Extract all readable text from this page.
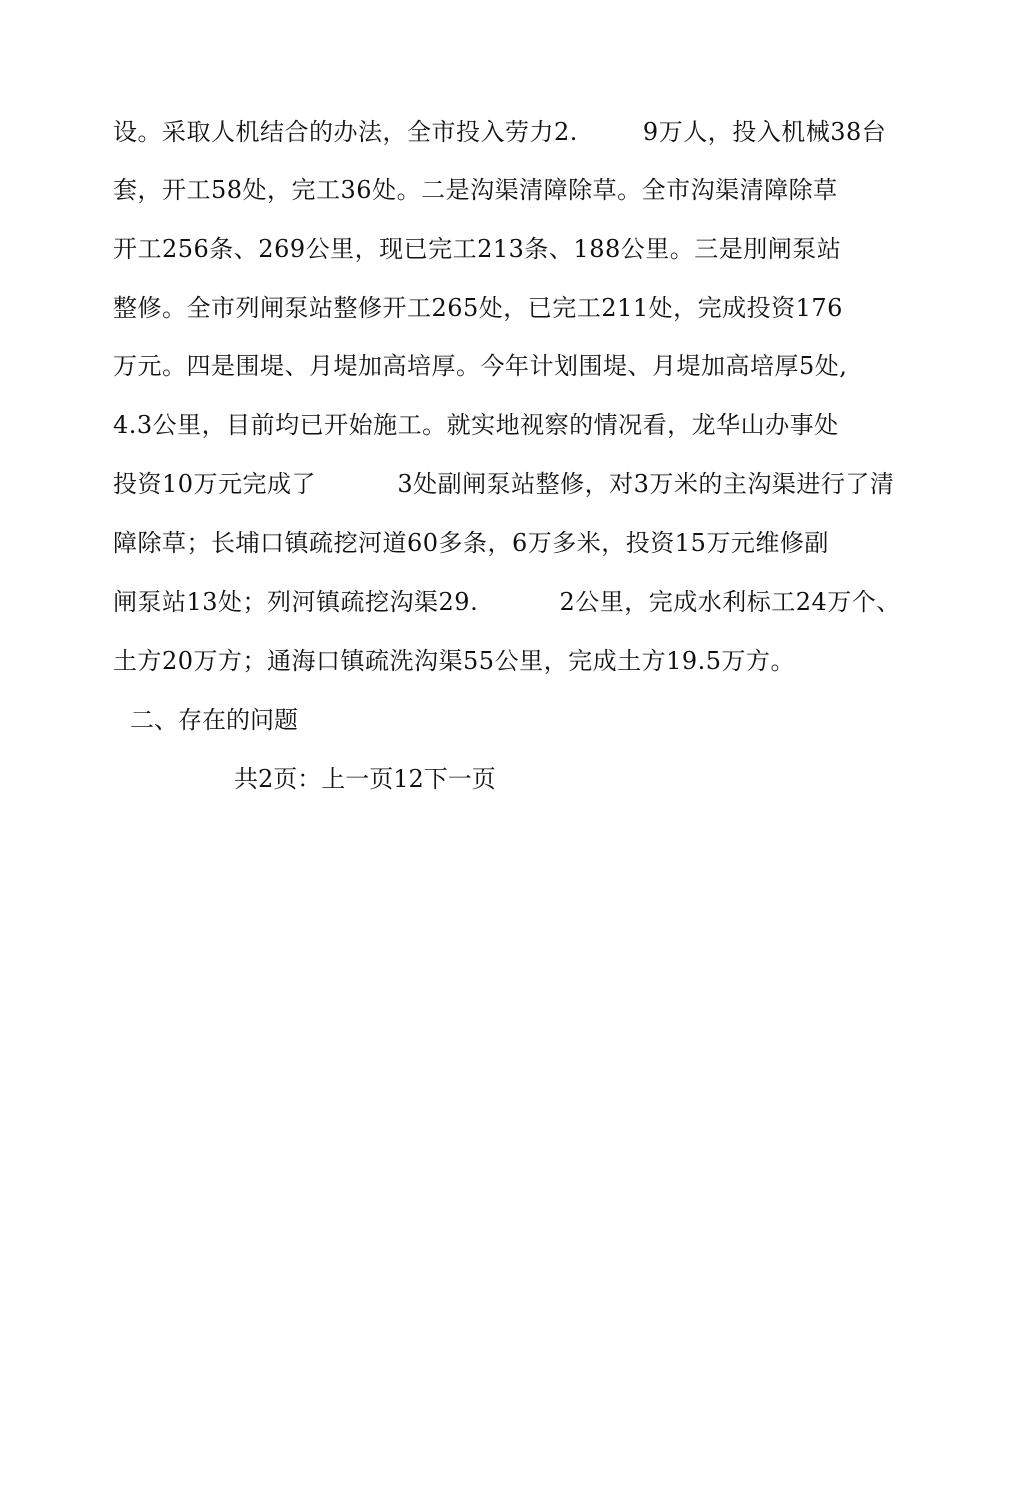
设。采取人机结合的办法，全市投入劳力2.        9万人，投入机械38台
套，开工58处，完工36处。二是沟渠清障除草。全市沟渠清障除草
开工256条、269公里，现已完工213条、188公里。三是刖闸泵站
整修。全市列闸泵站整修开工265处，已完工211处，完成投资176
万元。四是围堤、月堤加高培厚。今年计划围堤、月堤加高培厚5处,
4.3公里，目前均已开始施工。就实地视察的情况看，龙华山办事处
投资10万元完成了          3处副闸泵站整修，对3万米的主沟渠进行了清
障除草；长埔口镇疏挖河道60多条，6万多米，投资15万元维修副
闸泵站13处；列河镇疏挖沟渠29.          2公里，完成水利标工24万个、
土方20万方；通海口镇疏洗沟渠55公里，完成土方19.5万方。
二、存在的问题
共2页：上一页12下一页
